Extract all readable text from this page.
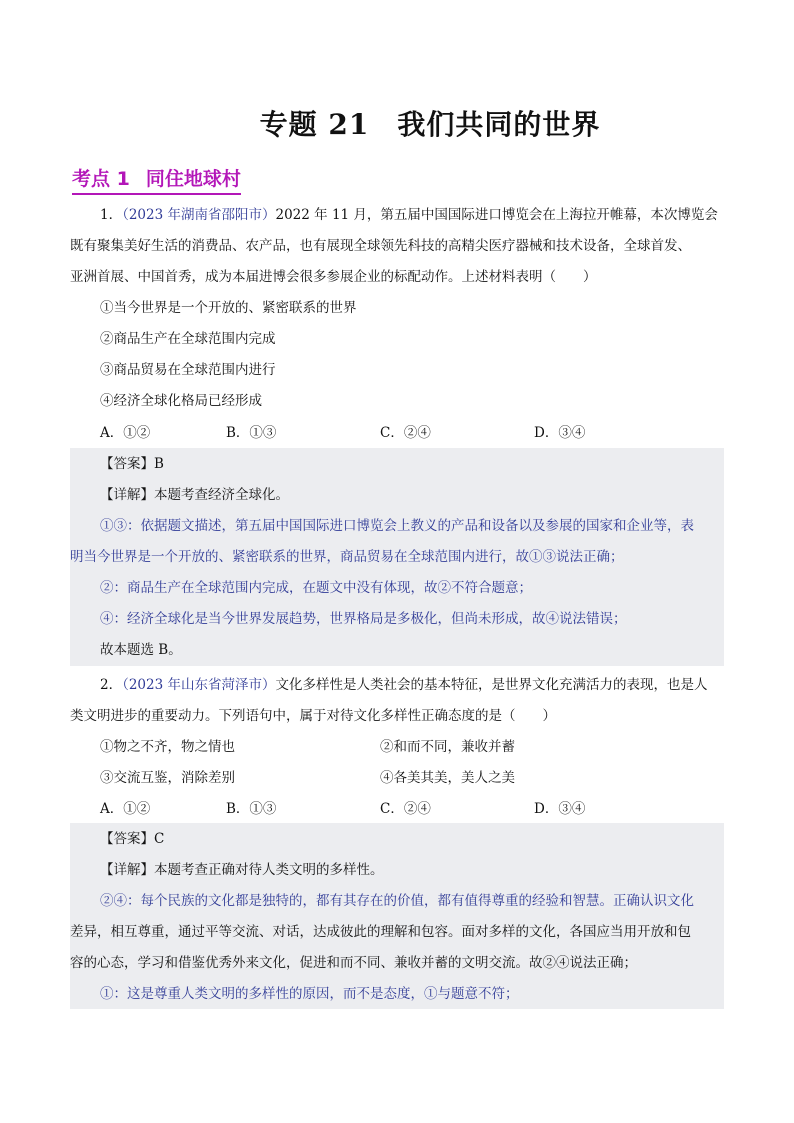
专题 21 我们共同的世界
考点 1 同住地球村
1．（2023 年湖南省邵阳市）2022 年 11 月，第五届中国国际进口博览会在上海拉开帷幕，本次博览会
既有聚集美好生活的消费品、农产品，也有展现全球领先科技的高精尖医疗器械和技术设备，全球首发、
亚洲首展、中国首秀，成为本届进博会很多参展企业的标配动作。上述材料表明（　　）
①当今世界是一个开放的、紧密联系的世界
②商品生产在全球范围内完成
③商品贸易在全球范围内进行
④经济全球化格局已经形成
A．①②	B．①③	C．②④	D．③④
【答案】B
【详解】本题考查经济全球化。
①③：依据题文描述，第五届中国国际进口博览会上教义的产品和设备以及参展的国家和企业等，表
明当今世界是一个开放的、紧密联系的世界，商品贸易在全球范围内进行，故①③说法正确；
②：商品生产在全球范围内完成，在题文中没有体现，故②不符合题意；
④：经济全球化是当今世界发展趋势，世界格局是多极化，但尚未形成，故④说法错误；
故本题选 B。
2．（2023 年山东省菏泽市）文化多样性是人类社会的基本特征，是世界文化充满活力的表现，也是人
类文明进步的重要动力。下列语句中，属于对待文化多样性正确态度的是（　　）
①物之不齐，物之情也	②和而不同，兼收并蓄
③交流互鉴，消除差别	④各美其美，美人之美
A．①②	B．①③	C．②④	D．③④
【答案】C
【详解】本题考查正确对待人类文明的多样性。
②④：每个民族的文化都是独特的，都有其存在的价值，都有值得尊重的经验和智慧。正确认识文化
差异，相互尊重，通过平等交流、对话，达成彼此的理解和包容。面对多样的文化，各国应当用开放和包
容的心态，学习和借鉴优秀外来文化，促进和而不同、兼收并蓄的文明交流。故②④说法正确；
①：这是尊重人类文明的多样性的原因，而不是态度，①与题意不符；
